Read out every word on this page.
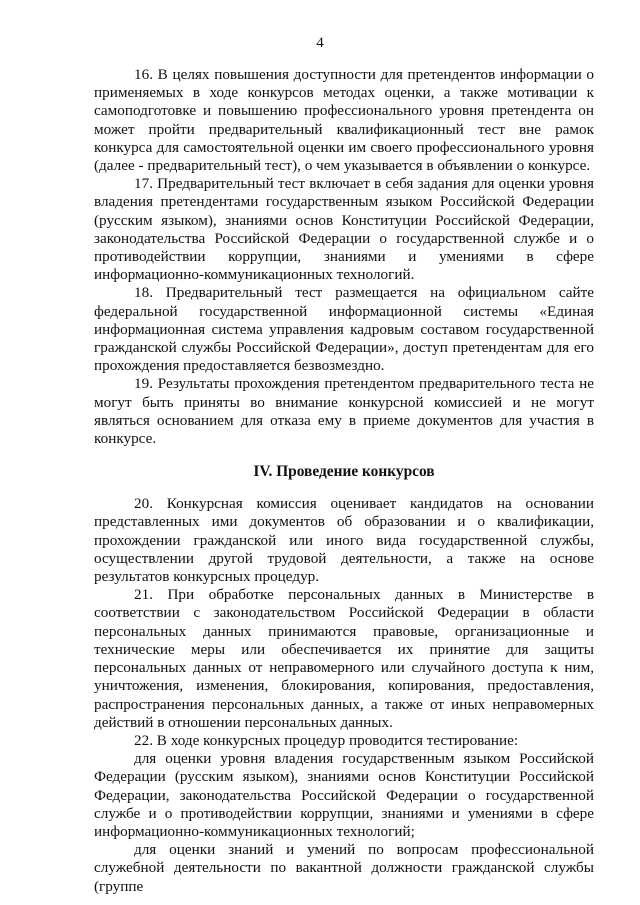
4

16. В целях повышения доступности для претендентов информации о применяемых в ходе конкурсов методах оценки, а также мотивации к самоподготовке и повышению профессионального уровня претендента он может пройти предварительный квалификационный тест вне рамок конкурса для самостоятельной оценки им своего профессионального уровня (далее - предварительный тест), о чем указывается в объявлении о конкурсе.

17. Предварительный тест включает в себя задания для оценки уровня владения претендентами государственным языком Российской Федерации (русским языком), знаниями основ Конституции Российской Федерации, законодательства Российской Федерации о государственной службе и о противодействии коррупции, знаниями и умениями в сфере информационно-коммуникационных технологий.

18. Предварительный тест размещается на официальном сайте федеральной государственной информационной системы «Единая информационная система управления кадровым составом государственной гражданской службы Российской Федерации», доступ претендентам для его прохождения предоставляется безвозмездно.

19. Результаты прохождения претендентом предварительного теста не могут быть приняты во внимание конкурсной комиссией и не могут являться основанием для отказа ему в приеме документов для участия в конкурсе.

IV. Проведение конкурсов

20. Конкурсная комиссия оценивает кандидатов на основании представленных ими документов об образовании и о квалификации, прохождении гражданской или иного вида государственной службы, осуществлении другой трудовой деятельности, а также на основе результатов конкурсных процедур.

21. При обработке персональных данных в Министерстве в соответствии с законодательством Российской Федерации в области персональных данных принимаются правовые, организационные и технические меры или обеспечивается их принятие для защиты персональных данных от неправомерного или случайного доступа к ним, уничтожения, изменения, блокирования, копирования, предоставления, распространения персональных данных, а также от иных неправомерных действий в отношении персональных данных.

22. В ходе конкурсных процедур проводится тестирование:

для оценки уровня владения государственным языком Российской Федерации (русским языком), знаниями основ Конституции Российской Федерации, законодательства Российской Федерации о государственной службе и о противодействии коррупции, знаниями и умениями в сфере информационно-коммуникационных технологий;

для оценки знаний и умений по вопросам профессиональной служебной деятельности по вакантной должности гражданской службы (группе
